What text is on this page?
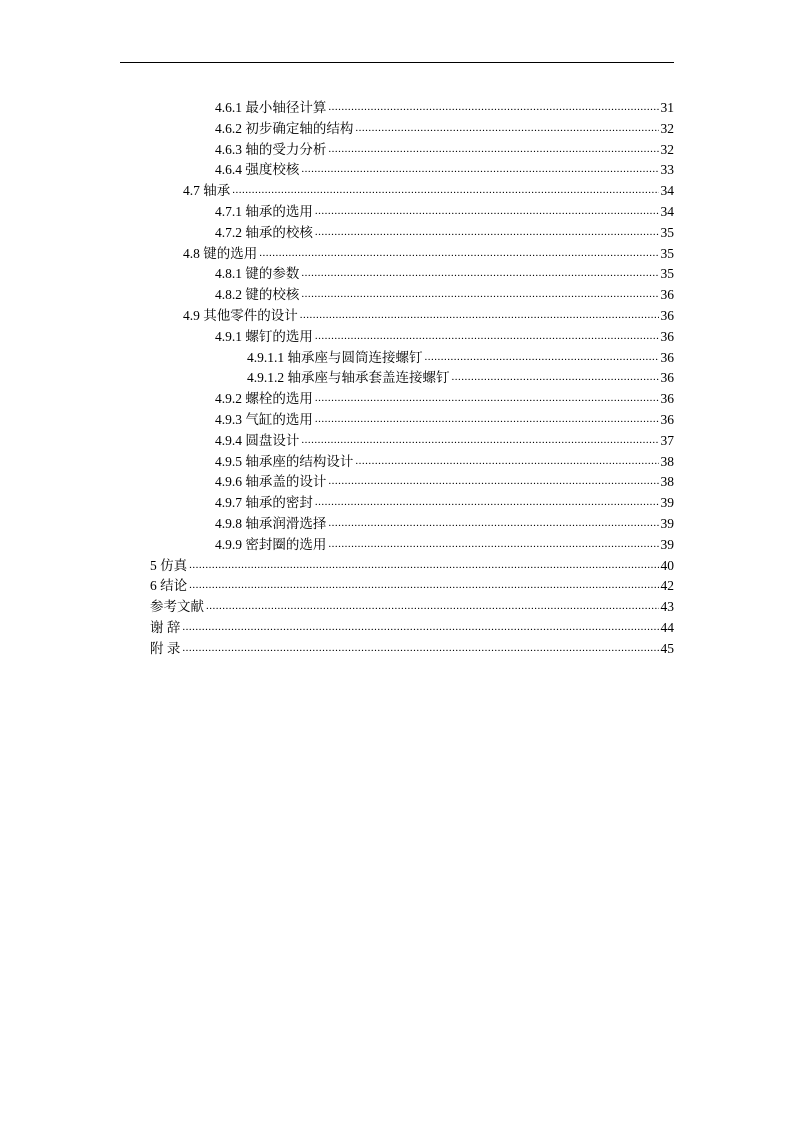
4.6.1 最小轴径计算 .....	31
4.6.2 初步确定轴的结构 .....	32
4.6.3 轴的受力分析 .....	32
4.6.4 强度校核 .....	33
4.7 轴承 .....	34
4.7.1 轴承的选用 .....	34
4.7.2 轴承的校核 .....	35
4.8 键的选用 .....	35
4.8.1 键的参数 .....	35
4.8.2 键的校核 .....	36
4.9 其他零件的设计 .....	36
4.9.1 螺钉的选用 .....	36
4.9.1.1 轴承座与圆筒连接螺钉 .....	36
4.9.1.2 轴承座与轴承套盖连接螺钉 .....	36
4.9.2 螺栓的选用 .....	36
4.9.3 气缸的选用 .....	36
4.9.4 圆盘设计 .....	37
4.9.5 轴承座的结构设计 .....	38
4.9.6 轴承盖的设计 .....	38
4.9.7 轴承的密封 .....	39
4.9.8 轴承润滑选择 .....	39
4.9.9 密封圈的选用 .....	39
5 仿真 .....	40
6 结论 .....	42
参考文献 .....	43
谢 辞 .....	44
附 录 .....	45
